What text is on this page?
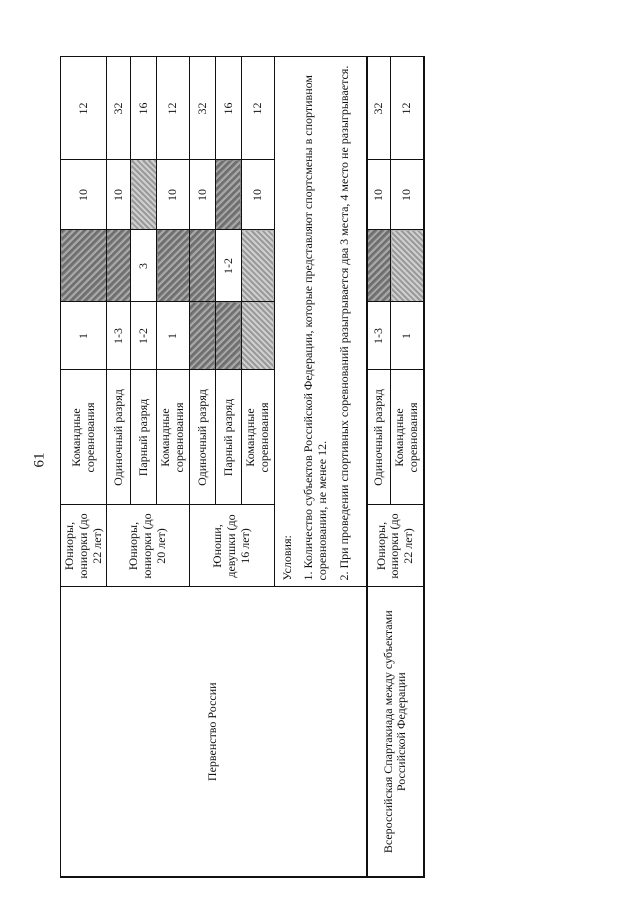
61
Первенство России	Юниоры, юниорки (до 22 лет)	Командные соревнования	1		10	12
	Юниоры, юниорки (до 20 лет)	Одиночный разряд	1-3		10	32
		Парный разряд	1-2	3		16
		Командные соревнования	1		10	12
	Юноши, девушки (до 16 лет)	Одиночный разряд			10	32
		Парный разряд		1-2		16
		Командные соревнования			10	12

	Условия: 1. Количество субъектов Российской Федерации, которые представляют спортсмены в спортивном соревновании, не менее 12. 2. При проведении спортивных соревнований разыгрывается два 3 места, 4 место не разыгрывается.					

Всероссийская Спартакиада между субъектами Российской Федерации	Юниоры, юниорки (до 22 лет)	Одиночный разряд	1-3		10	32
		Командные соревнования	1		10	12
